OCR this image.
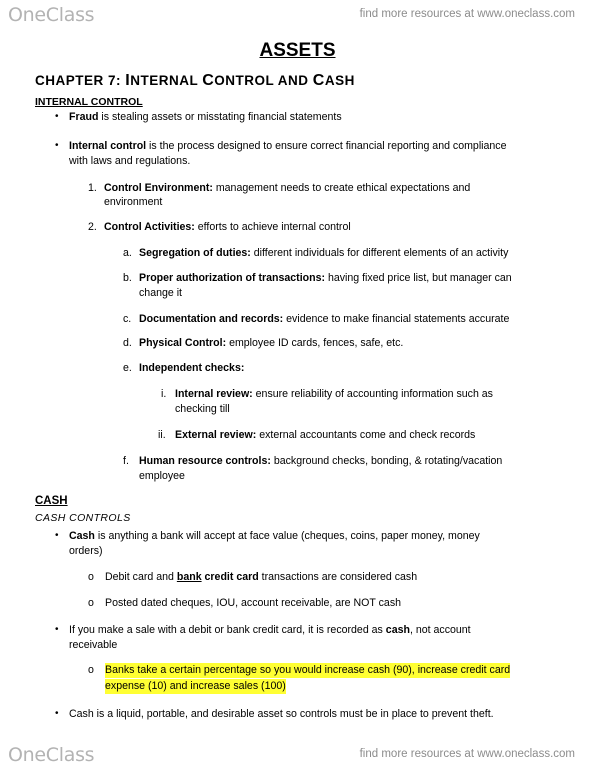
OneClass	find more resources at www.oneclass.com
ASSETS
CHAPTER 7: INTERNAL CONTROL AND CASH
INTERNAL CONTROL
• Fraud is stealing assets or misstating financial statements
• Internal control is the process designed to ensure correct financial reporting and compliance
with laws and regulations.
1. Control Environment: management needs to create ethical expectations and
environment
2. Control Activities: efforts to achieve internal control
a. Segregation of duties: different individuals for different elements of an activity
b. Proper authorization of transactions: having fixed price list, but manager can
change it
c. Documentation and records: evidence to make financial statements accurate
d. Physical Control: employee ID cards, fences, safe, etc.
e. Independent checks:
i. Internal review: ensure reliability of accounting information such as
checking till
ii. External review: external accountants come and check records
f. Human resource controls: background checks, bonding, & rotating/vacation
employee
CASH
CASH CONTROLS
• Cash is anything a bank will accept at face value (cheques, coins, paper money, money
orders)
o Debit card and bank credit card transactions are considered cash
o Posted dated cheques, IOU, account receivable, are NOT cash
• If you make a sale with a debit or bank credit card, it is recorded as cash, not account
receivable
o Banks take a certain percentage so you would increase cash (90), increase credit card
expense (10) and increase sales (100)
• Cash is a liquid, portable, and desirable asset so controls must be in place to prevent theft.
OneClass	find more resources at www.oneclass.com
